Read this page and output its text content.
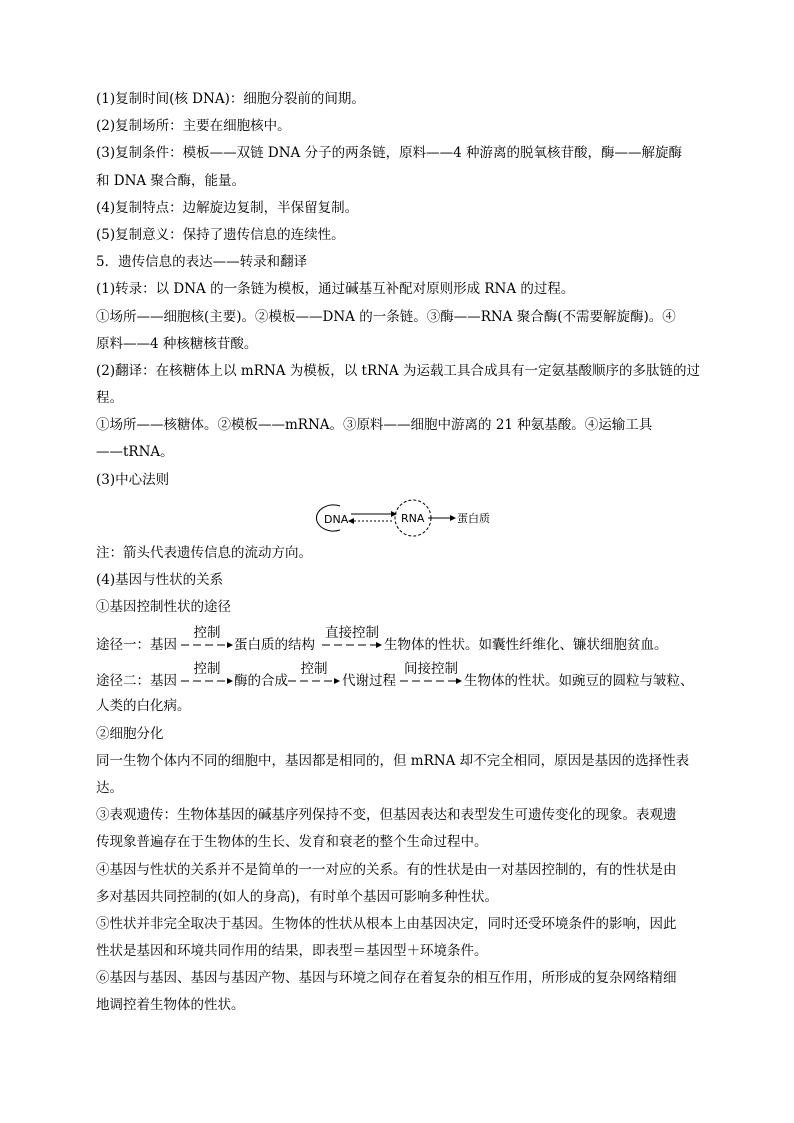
(1)复制时间(核 DNA)：细胞分裂前的间期。
(2)复制场所：主要在细胞核中。
(3)复制条件：模板——双链 DNA 分子的两条链，原料——4 种游离的脱氧核苷酸，酶——解旋酶
和 DNA 聚合酶，能量。
(4)复制特点：边解旋边复制，半保留复制。
(5)复制意义：保持了遗传信息的连续性。
5．遗传信息的表达——转录和翻译
(1)转录：以 DNA 的一条链为模板，通过碱基互补配对原则形成 RNA 的过程。
①场所——细胞核(主要)。②模板——DNA 的一条链。③酶——RNA 聚合酶(不需要解旋酶)。④
原料——4 种核糖核苷酸。
(2)翻译：在核糖体上以 mRNA 为模板，以 tRNA 为运载工具合成具有一定氨基酸顺序的多肽链的过
程。
①场所——核糖体。②模板——mRNA。③原料——细胞中游离的 21 种氨基酸。④运输工具
——tRNA。
(3)中心法则
DNA	RNA	蛋白质
注：箭头代表遗传信息的流动方向。
(4)基因与性状的关系
①基因控制性状的途径
途径一：基因
控制
蛋白质的结构
直接控制
生物体的性状。如囊性纤维化、镰状细胞贫血。
途径二：基因
控制
酶的合成
控制
代谢过程
间接控制
生物体的性状。如豌豆的圆粒与皱粒、
人类的白化病。
②细胞分化
同一生物个体内不同的细胞中，基因都是相同的，但 mRNA 却不完全相同，原因是基因的选择性表
达。
③表观遗传：生物体基因的碱基序列保持不变，但基因表达和表型发生可遗传变化的现象。表观遗
传现象普遍存在于生物体的生长、发育和衰老的整个生命过程中。
④基因与性状的关系并不是简单的一一对应的关系。有的性状是由一对基因控制的，有的性状是由
多对基因共同控制的(如人的身高)，有时单个基因可影响多种性状。
⑤性状并非完全取决于基因。生物体的性状从根本上由基因决定，同时还受环境条件的影响，因此
性状是基因和环境共同作用的结果，即表型＝基因型＋环境条件。
⑥基因与基因、基因与基因产物、基因与环境之间存在着复杂的相互作用，所形成的复杂网络精细
地调控着生物体的性状。
